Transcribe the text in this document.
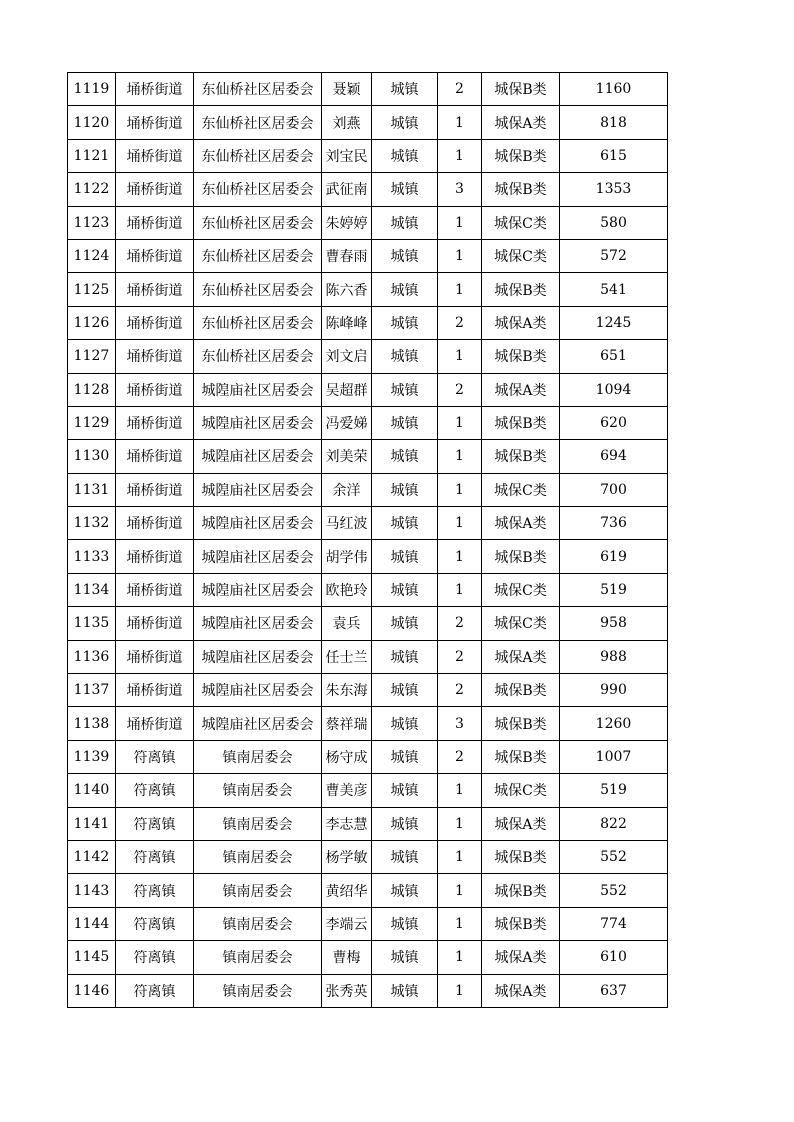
1119	埇桥街道	东仙桥社区居委会	聂颖	城镇	2	城保B类	1160
1120	埇桥街道	东仙桥社区居委会	刘燕	城镇	1	城保A类	818
1121	埇桥街道	东仙桥社区居委会	刘宝民	城镇	1	城保B类	615
1122	埇桥街道	东仙桥社区居委会	武征南	城镇	3	城保B类	1353
1123	埇桥街道	东仙桥社区居委会	朱婷婷	城镇	1	城保C类	580
1124	埇桥街道	东仙桥社区居委会	曹春雨	城镇	1	城保C类	572
1125	埇桥街道	东仙桥社区居委会	陈六香	城镇	1	城保B类	541
1126	埇桥街道	东仙桥社区居委会	陈峰峰	城镇	2	城保A类	1245
1127	埇桥街道	东仙桥社区居委会	刘文启	城镇	1	城保B类	651
1128	埇桥街道	城隍庙社区居委会	吴超群	城镇	2	城保A类	1094
1129	埇桥街道	城隍庙社区居委会	冯爱娣	城镇	1	城保B类	620
1130	埇桥街道	城隍庙社区居委会	刘美荣	城镇	1	城保B类	694
1131	埇桥街道	城隍庙社区居委会	余洋	城镇	1	城保C类	700
1132	埇桥街道	城隍庙社区居委会	马红波	城镇	1	城保A类	736
1133	埇桥街道	城隍庙社区居委会	胡学伟	城镇	1	城保B类	619
1134	埇桥街道	城隍庙社区居委会	欧艳玲	城镇	1	城保C类	519
1135	埇桥街道	城隍庙社区居委会	袁兵	城镇	2	城保C类	958
1136	埇桥街道	城隍庙社区居委会	任士兰	城镇	2	城保A类	988
1137	埇桥街道	城隍庙社区居委会	朱东海	城镇	2	城保B类	990
1138	埇桥街道	城隍庙社区居委会	蔡祥瑞	城镇	3	城保B类	1260
1139	符离镇	镇南居委会	杨守成	城镇	2	城保B类	1007
1140	符离镇	镇南居委会	曹美彦	城镇	1	城保C类	519
1141	符离镇	镇南居委会	李志慧	城镇	1	城保A类	822
1142	符离镇	镇南居委会	杨学敏	城镇	1	城保B类	552
1143	符离镇	镇南居委会	黄绍华	城镇	1	城保B类	552
1144	符离镇	镇南居委会	李端云	城镇	1	城保B类	774
1145	符离镇	镇南居委会	曹梅	城镇	1	城保A类	610
1146	符离镇	镇南居委会	张秀英	城镇	1	城保A类	637
